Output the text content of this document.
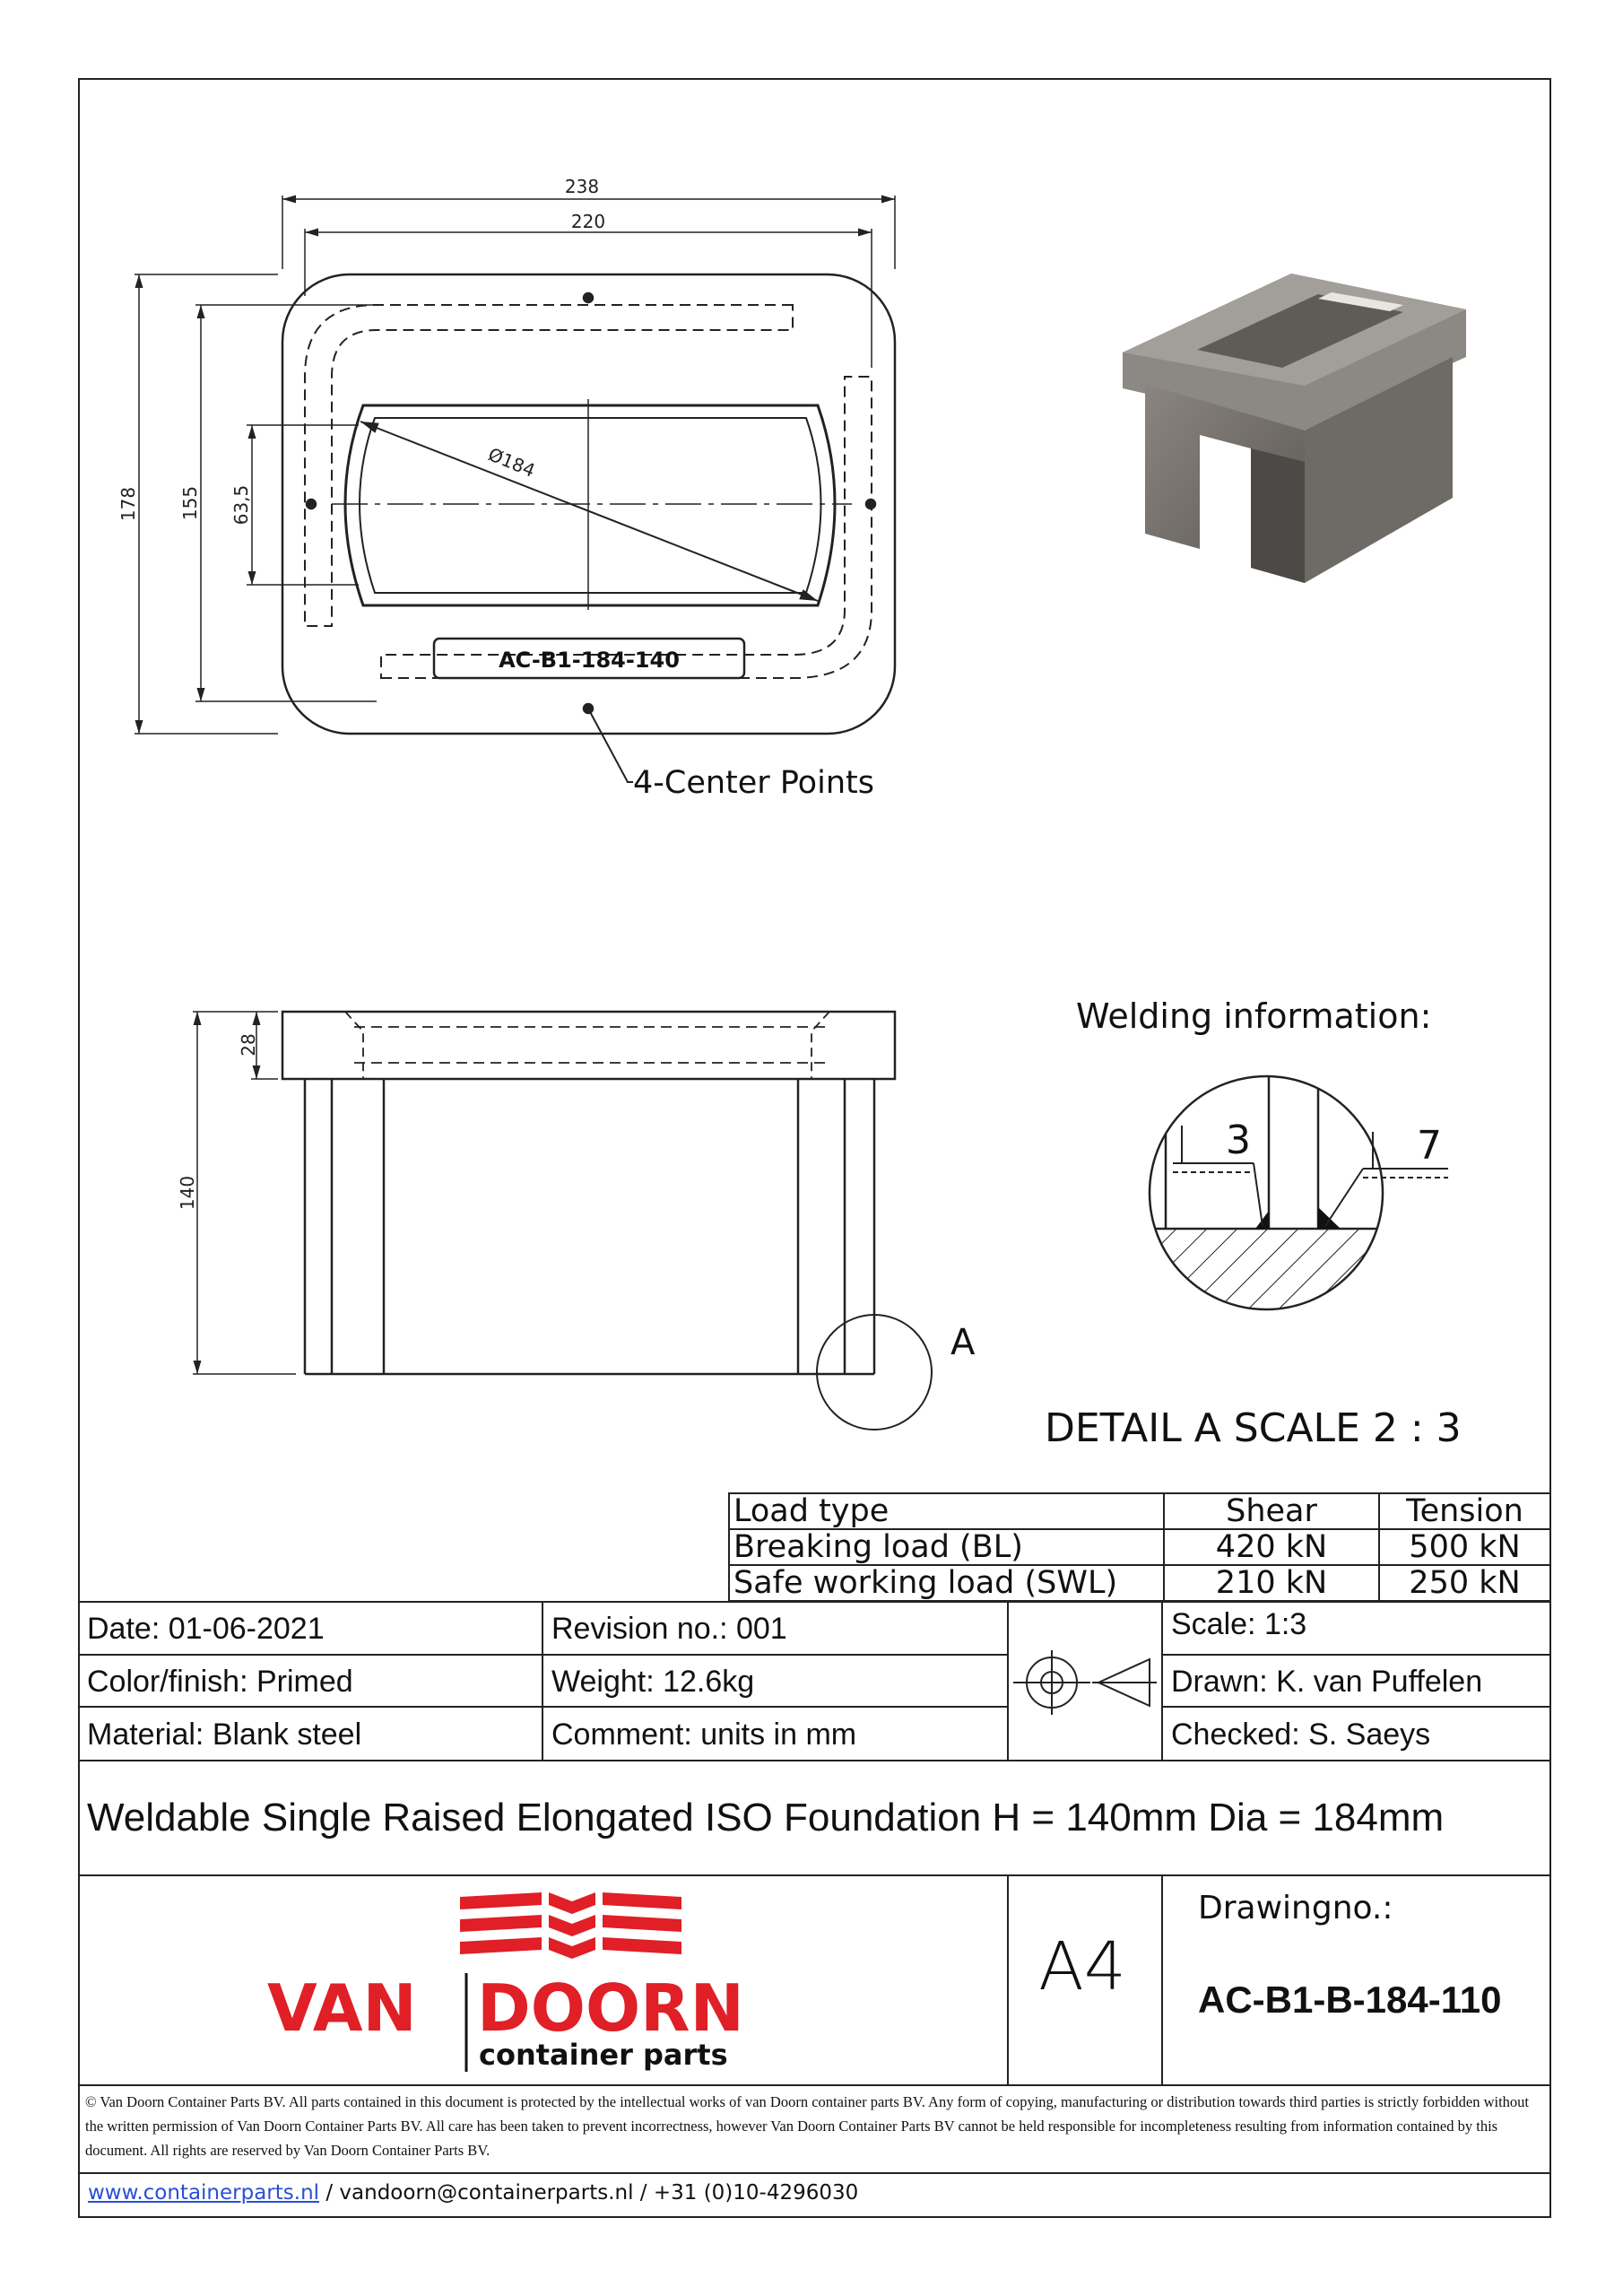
238
220
178 155 63,5
Ø184
AC-B1-184-140
4-Center Points
28
140
A
Welding information:
3	7
DETAIL A SCALE 2 : 3
VAN DOORN
Load type	Shear	Tension
Breaking load (BL)	420 kN	500 kN
Safe working load (SWL)	210 kN	250 kN
Date: 01-06-2021	Revision no.: 001	Scale: 1:3
Color/finish: Primed	Weight: 12.6kg	Drawn: K. van Puffelen
Material: Blank steel	Comment: units in mm	Checked: S. Saeys
Weldable Single Raised Elongated ISO Foundation H = 140mm Dia = 184mm
container parts
A4
Drawingno.:
AC-B1-B-184-110
© Van Doorn Container Parts BV. All parts contained in this document is protected by the intellectual works of van Doorn container parts BV. Any form of copying, manufacturing or distribution towards third parties is strictly forbidden without the written permission of Van Doorn Container Parts BV. All care has been taken to prevent incorrectness, however Van Doorn Container Parts BV cannot be held responsible for incompleteness resulting from information contained by this document. All rights are reserved by Van Doorn Container Parts BV.
www.containerparts.nl / vandoorn@containerparts.nl / +31 (0)10-4296030
